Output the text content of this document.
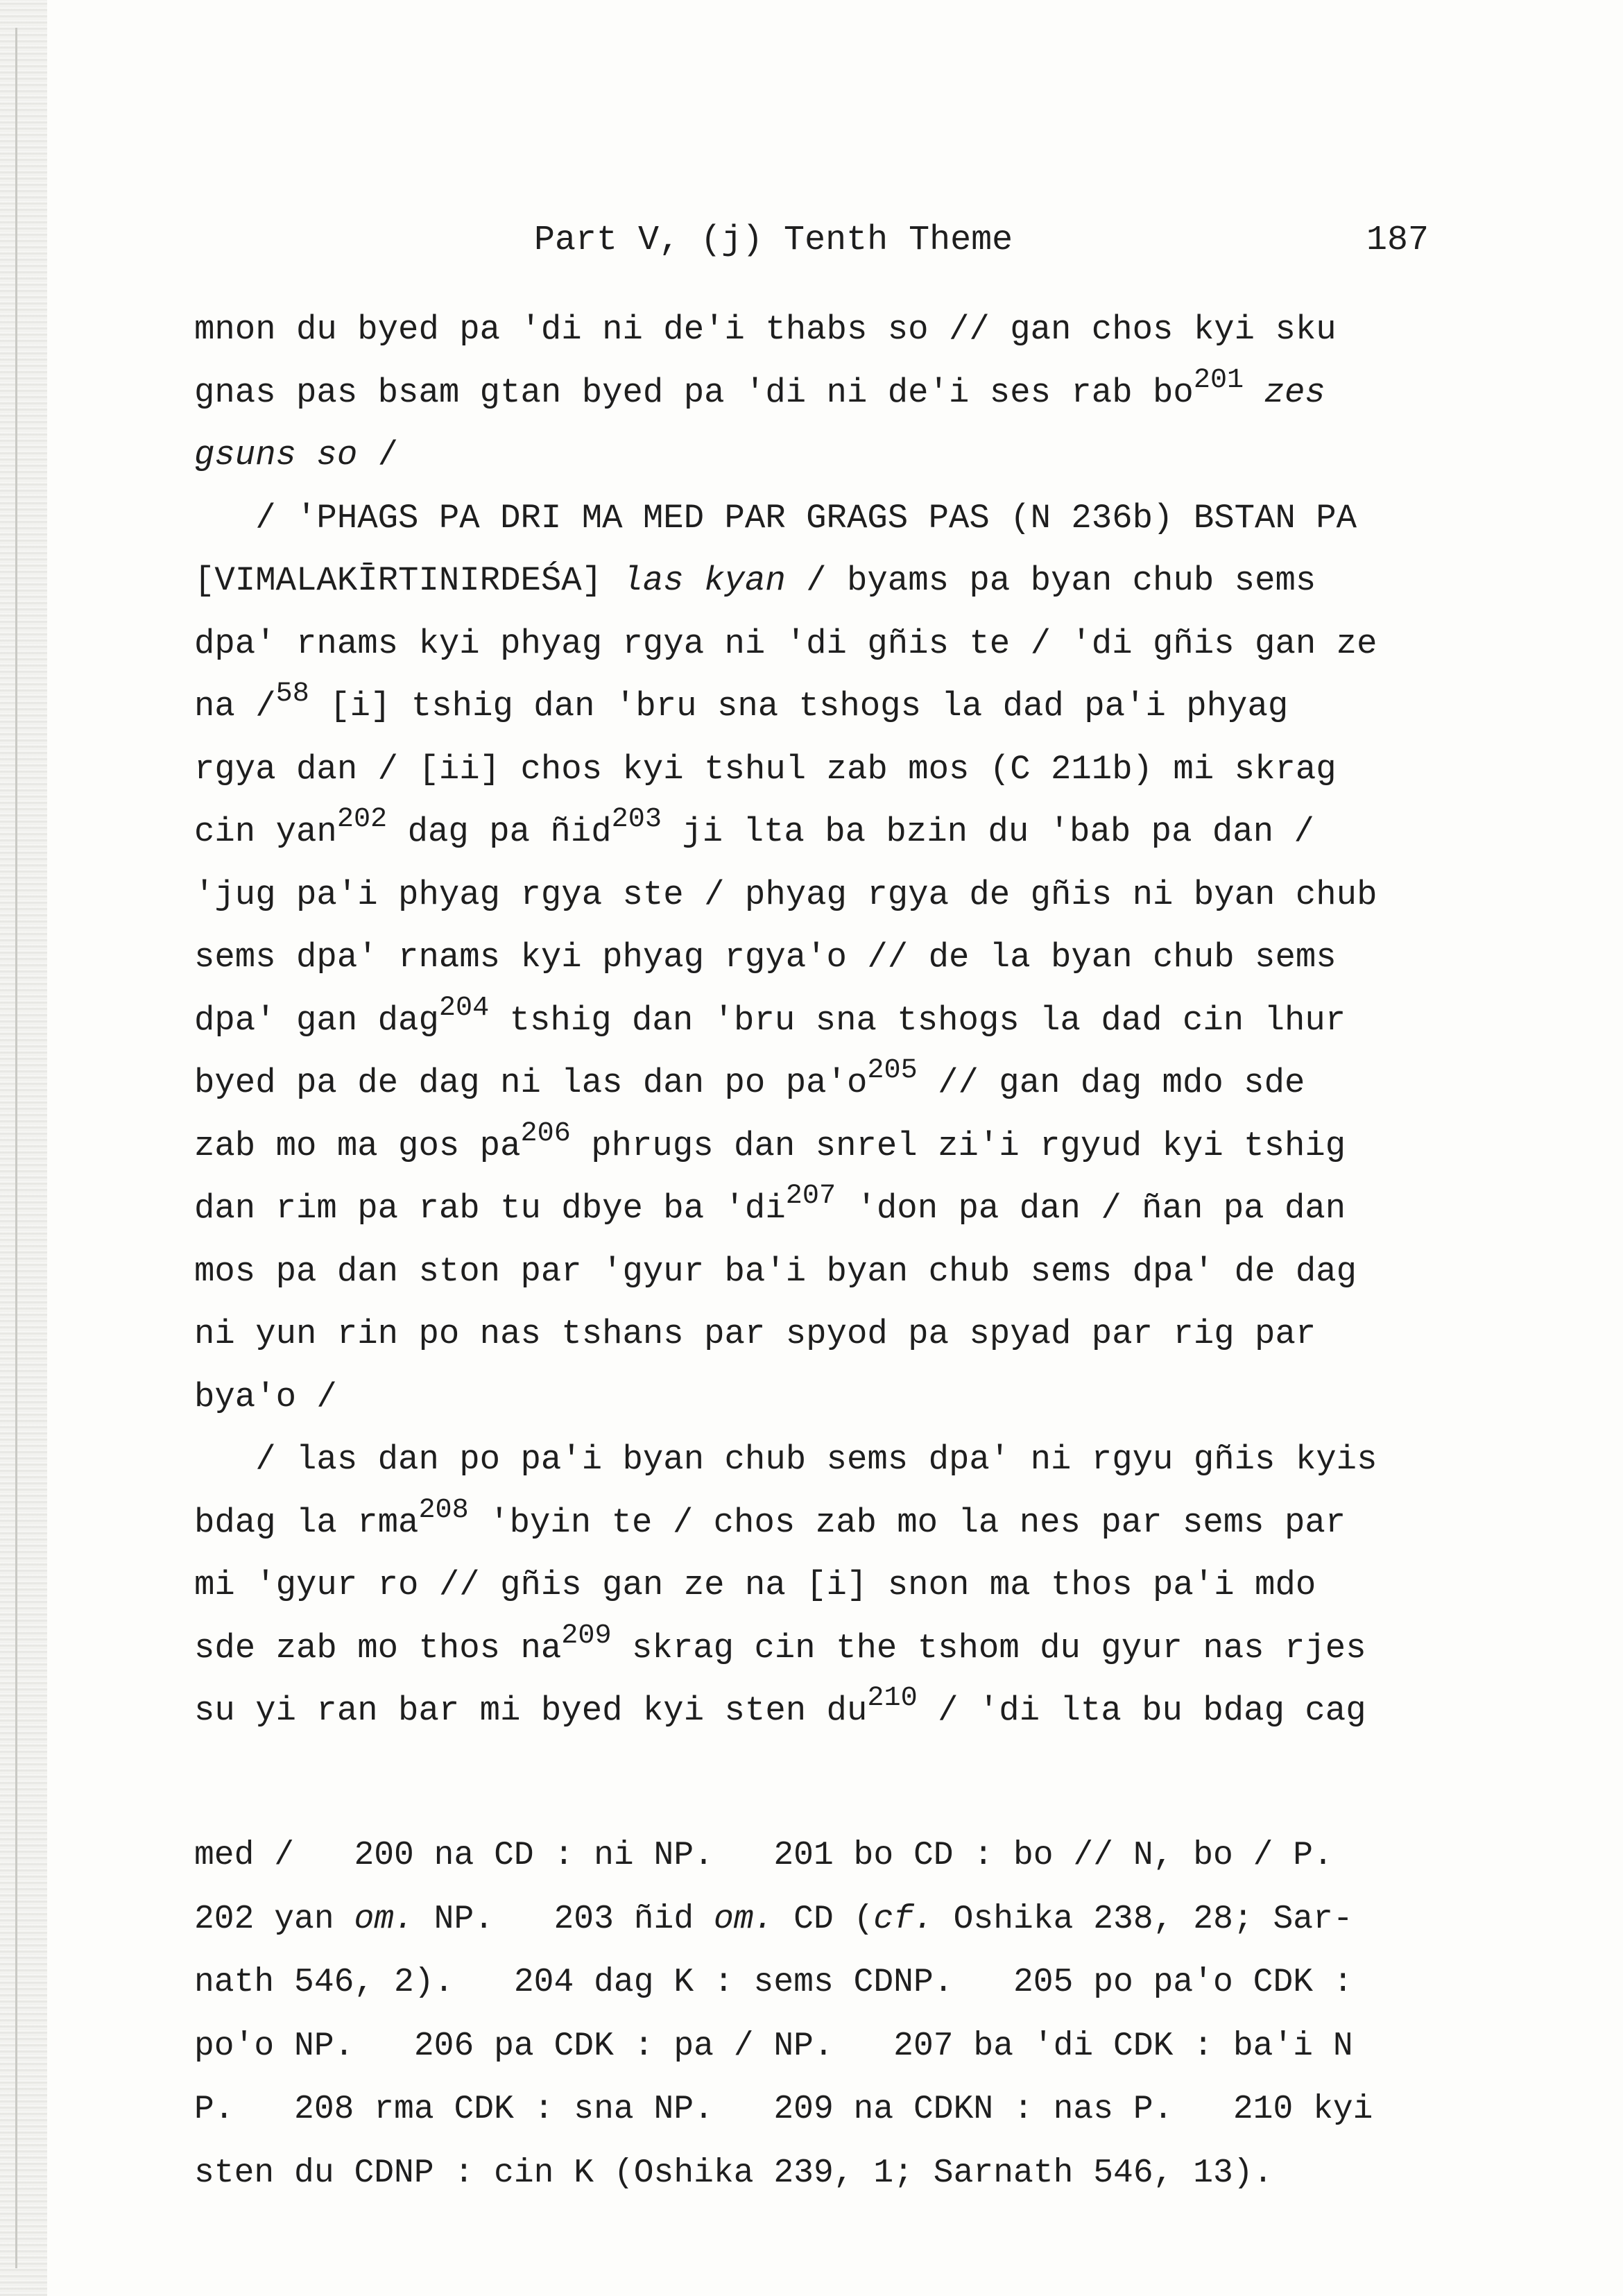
Part V, (j) Tenth Theme	187
mnon du byed pa 'di ni de'i thabs so // gan chos kyi sku
gnas pas bsam gtan byed pa 'di ni de'i ses rab $bo^{201}$ zes
gsuns so /
/ 'PHAGS PA DRI MA MED PAR GRAGS PAS (N 236b) BSTAN PA
[VIMALAKĪRTINIRDEŚA] las kyan / byams pa byan chub sems
dpa' rnams kyi phyag rgya ni 'di gñis te / 'di gñis gan ze
na /$^{58}$ [i] tshig dan 'bru sna tshogs la dad pa'i phyag
rgya dan / [ii] chos kyi tshul zab mos (C 211b) mi skrag
cin yan$^{202}$ dag pa ñid$^{203}$ ji lta ba bzin du 'bab pa dan /
'jug pa'i phyag rgya ste / phyag rgya de gñis ni byan chub
sems dpa' rnams kyi phyag rgya'o // de la byan chub sems
dpa' gan dag$^{204}$ tshig dan 'bru sna tshogs la dad cin lhur
byed pa de dag ni las dan po $pa'o^{205}$ // gan dag mdo sde
zab mo ma gos $pa^{206}$ phrugs dan snrel zi'i rgyud kyi tshig
dan rim pa rab tu dbye ba '$di^{207}$ 'don pa dan / ñan pa dan
mos pa dan ston par 'gyur ba'i byan chub sems dpa' de dag
ni yun rin po nas tshans par spyod pa spyad par rig par
bya'o /
/ las dan po pa'i byan chub sems dpa' ni rgyu gñis kyis
bdag la rma$^{208}$ 'byin te / chos zab mo la nes par sems par
mi 'gyur ro // gñis gan ze na [i] snon ma thos pa'i mdo
sde zab mo thos $na^{209}$ skrag cin the tshom du gyur nas rjes
su yi ran bar mi byed kyi sten $du^{210}$ / 'di lta bu bdag cag
med /   200 na CD : ni NP.   201 bo CD : bo // N, bo / P.
202 yan om. NP.   203 ñid om. CD (cf. Oshika 238, 28; Sar-
nath 546, 2).   204 dag K : sems CDNP.   205 po pa'o CDK :
po'o NP.   206 pa CDK : pa / NP.   207 ba 'di CDK : ba'i N
P.   208 rma CDK : sna NP.   209 na CDKN : nas P.   210 kyi
sten du CDNP : cin K (Oshika 239, 1; Sarnath 546, 13).
